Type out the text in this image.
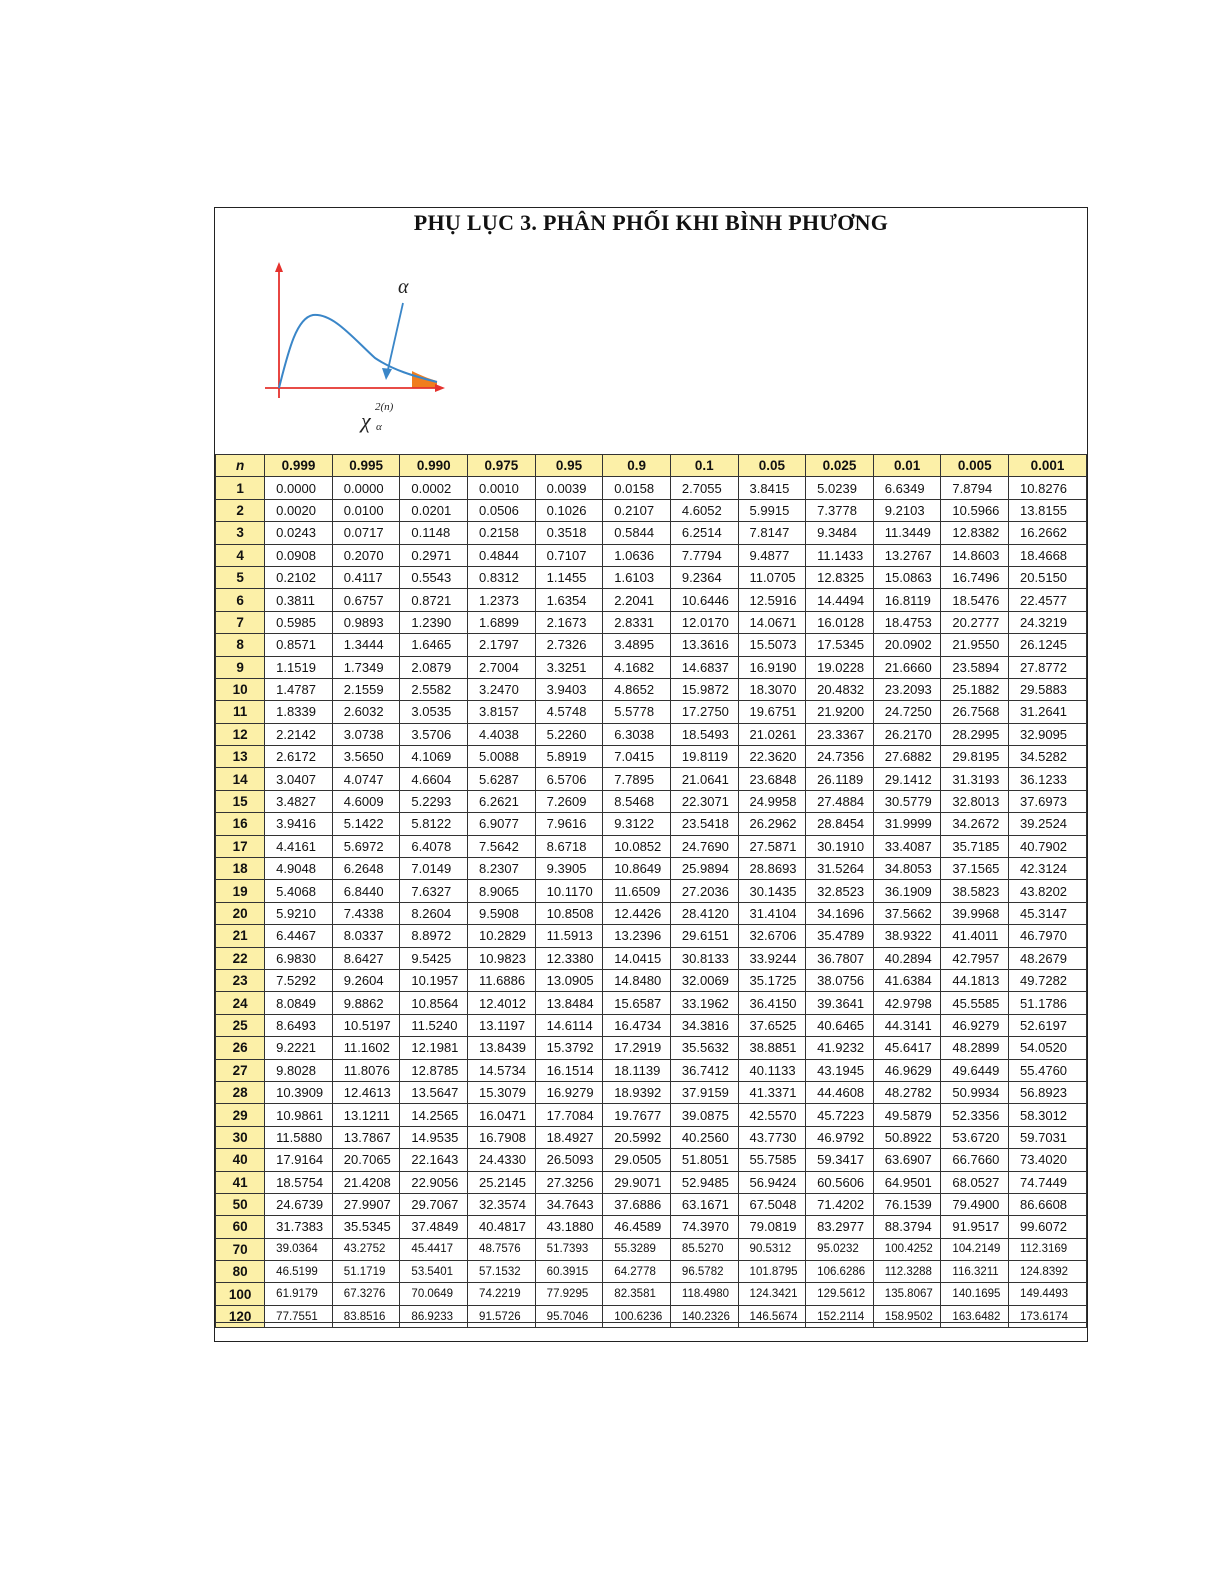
PHỤ LỤC 3. PHÂN PHỐI KHI BÌNH PHƯƠNG
α
χ
2(n)
α
n	0.999	0.995	0.990	0.975	0.95	0.9	0.1	0.05	0.025	0.01	0.005	0.001
1	0.0000	0.0000	0.0002	0.0010	0.0039	0.0158	2.7055	3.8415	5.0239	6.6349	7.8794	10.8276
2	0.0020	0.0100	0.0201	0.0506	0.1026	0.2107	4.6052	5.9915	7.3778	9.2103	10.5966	13.8155
3	0.0243	0.0717	0.1148	0.2158	0.3518	0.5844	6.2514	7.8147	9.3484	11.3449	12.8382	16.2662
4	0.0908	0.2070	0.2971	0.4844	0.7107	1.0636	7.7794	9.4877	11.1433	13.2767	14.8603	18.4668
5	0.2102	0.4117	0.5543	0.8312	1.1455	1.6103	9.2364	11.0705	12.8325	15.0863	16.7496	20.5150
6	0.3811	0.6757	0.8721	1.2373	1.6354	2.2041	10.6446	12.5916	14.4494	16.8119	18.5476	22.4577
7	0.5985	0.9893	1.2390	1.6899	2.1673	2.8331	12.0170	14.0671	16.0128	18.4753	20.2777	24.3219
8	0.8571	1.3444	1.6465	2.1797	2.7326	3.4895	13.3616	15.5073	17.5345	20.0902	21.9550	26.1245
9	1.1519	1.7349	2.0879	2.7004	3.3251	4.1682	14.6837	16.9190	19.0228	21.6660	23.5894	27.8772
10	1.4787	2.1559	2.5582	3.2470	3.9403	4.8652	15.9872	18.3070	20.4832	23.2093	25.1882	29.5883
11	1.8339	2.6032	3.0535	3.8157	4.5748	5.5778	17.2750	19.6751	21.9200	24.7250	26.7568	31.2641
12	2.2142	3.0738	3.5706	4.4038	5.2260	6.3038	18.5493	21.0261	23.3367	26.2170	28.2995	32.9095
13	2.6172	3.5650	4.1069	5.0088	5.8919	7.0415	19.8119	22.3620	24.7356	27.6882	29.8195	34.5282
14	3.0407	4.0747	4.6604	5.6287	6.5706	7.7895	21.0641	23.6848	26.1189	29.1412	31.3193	36.1233
15	3.4827	4.6009	5.2293	6.2621	7.2609	8.5468	22.3071	24.9958	27.4884	30.5779	32.8013	37.6973
16	3.9416	5.1422	5.8122	6.9077	7.9616	9.3122	23.5418	26.2962	28.8454	31.9999	34.2672	39.2524
17	4.4161	5.6972	6.4078	7.5642	8.6718	10.0852	24.7690	27.5871	30.1910	33.4087	35.7185	40.7902
18	4.9048	6.2648	7.0149	8.2307	9.3905	10.8649	25.9894	28.8693	31.5264	34.8053	37.1565	42.3124
19	5.4068	6.8440	7.6327	8.9065	10.1170	11.6509	27.2036	30.1435	32.8523	36.1909	38.5823	43.8202
20	5.9210	7.4338	8.2604	9.5908	10.8508	12.4426	28.4120	31.4104	34.1696	37.5662	39.9968	45.3147
21	6.4467	8.0337	8.8972	10.2829	11.5913	13.2396	29.6151	32.6706	35.4789	38.9322	41.4011	46.7970
22	6.9830	8.6427	9.5425	10.9823	12.3380	14.0415	30.8133	33.9244	36.7807	40.2894	42.7957	48.2679
23	7.5292	9.2604	10.1957	11.6886	13.0905	14.8480	32.0069	35.1725	38.0756	41.6384	44.1813	49.7282
24	8.0849	9.8862	10.8564	12.4012	13.8484	15.6587	33.1962	36.4150	39.3641	42.9798	45.5585	51.1786
25	8.6493	10.5197	11.5240	13.1197	14.6114	16.4734	34.3816	37.6525	40.6465	44.3141	46.9279	52.6197
26	9.2221	11.1602	12.1981	13.8439	15.3792	17.2919	35.5632	38.8851	41.9232	45.6417	48.2899	54.0520
27	9.8028	11.8076	12.8785	14.5734	16.1514	18.1139	36.7412	40.1133	43.1945	46.9629	49.6449	55.4760
28	10.3909	12.4613	13.5647	15.3079	16.9279	18.9392	37.9159	41.3371	44.4608	48.2782	50.9934	56.8923
29	10.9861	13.1211	14.2565	16.0471	17.7084	19.7677	39.0875	42.5570	45.7223	49.5879	52.3356	58.3012
30	11.5880	13.7867	14.9535	16.7908	18.4927	20.5992	40.2560	43.7730	46.9792	50.8922	53.6720	59.7031
40	17.9164	20.7065	22.1643	24.4330	26.5093	29.0505	51.8051	55.7585	59.3417	63.6907	66.7660	73.4020
41	18.5754	21.4208	22.9056	25.2145	27.3256	29.9071	52.9485	56.9424	60.5606	64.9501	68.0527	74.7449
50	24.6739	27.9907	29.7067	32.3574	34.7643	37.6886	63.1671	67.5048	71.4202	76.1539	79.4900	86.6608
60	31.7383	35.5345	37.4849	40.4817	43.1880	46.4589	74.3970	79.0819	83.2977	88.3794	91.9517	99.6072
70	39.0364	43.2752	45.4417	48.7576	51.7393	55.3289	85.5270	90.5312	95.0232	100.4252	104.2149	112.3169
80	46.5199	51.1719	53.5401	57.1532	60.3915	64.2778	96.5782	101.8795	106.6286	112.3288	116.3211	124.8392
100	61.9179	67.3276	70.0649	74.2219	77.9295	82.3581	118.4980	124.3421	129.5612	135.8067	140.1695	149.4493
120	77.7551	83.8516	86.9233	91.5726	95.7046	100.6236	140.2326	146.5674	152.2114	158.9502	163.6482	173.6174
